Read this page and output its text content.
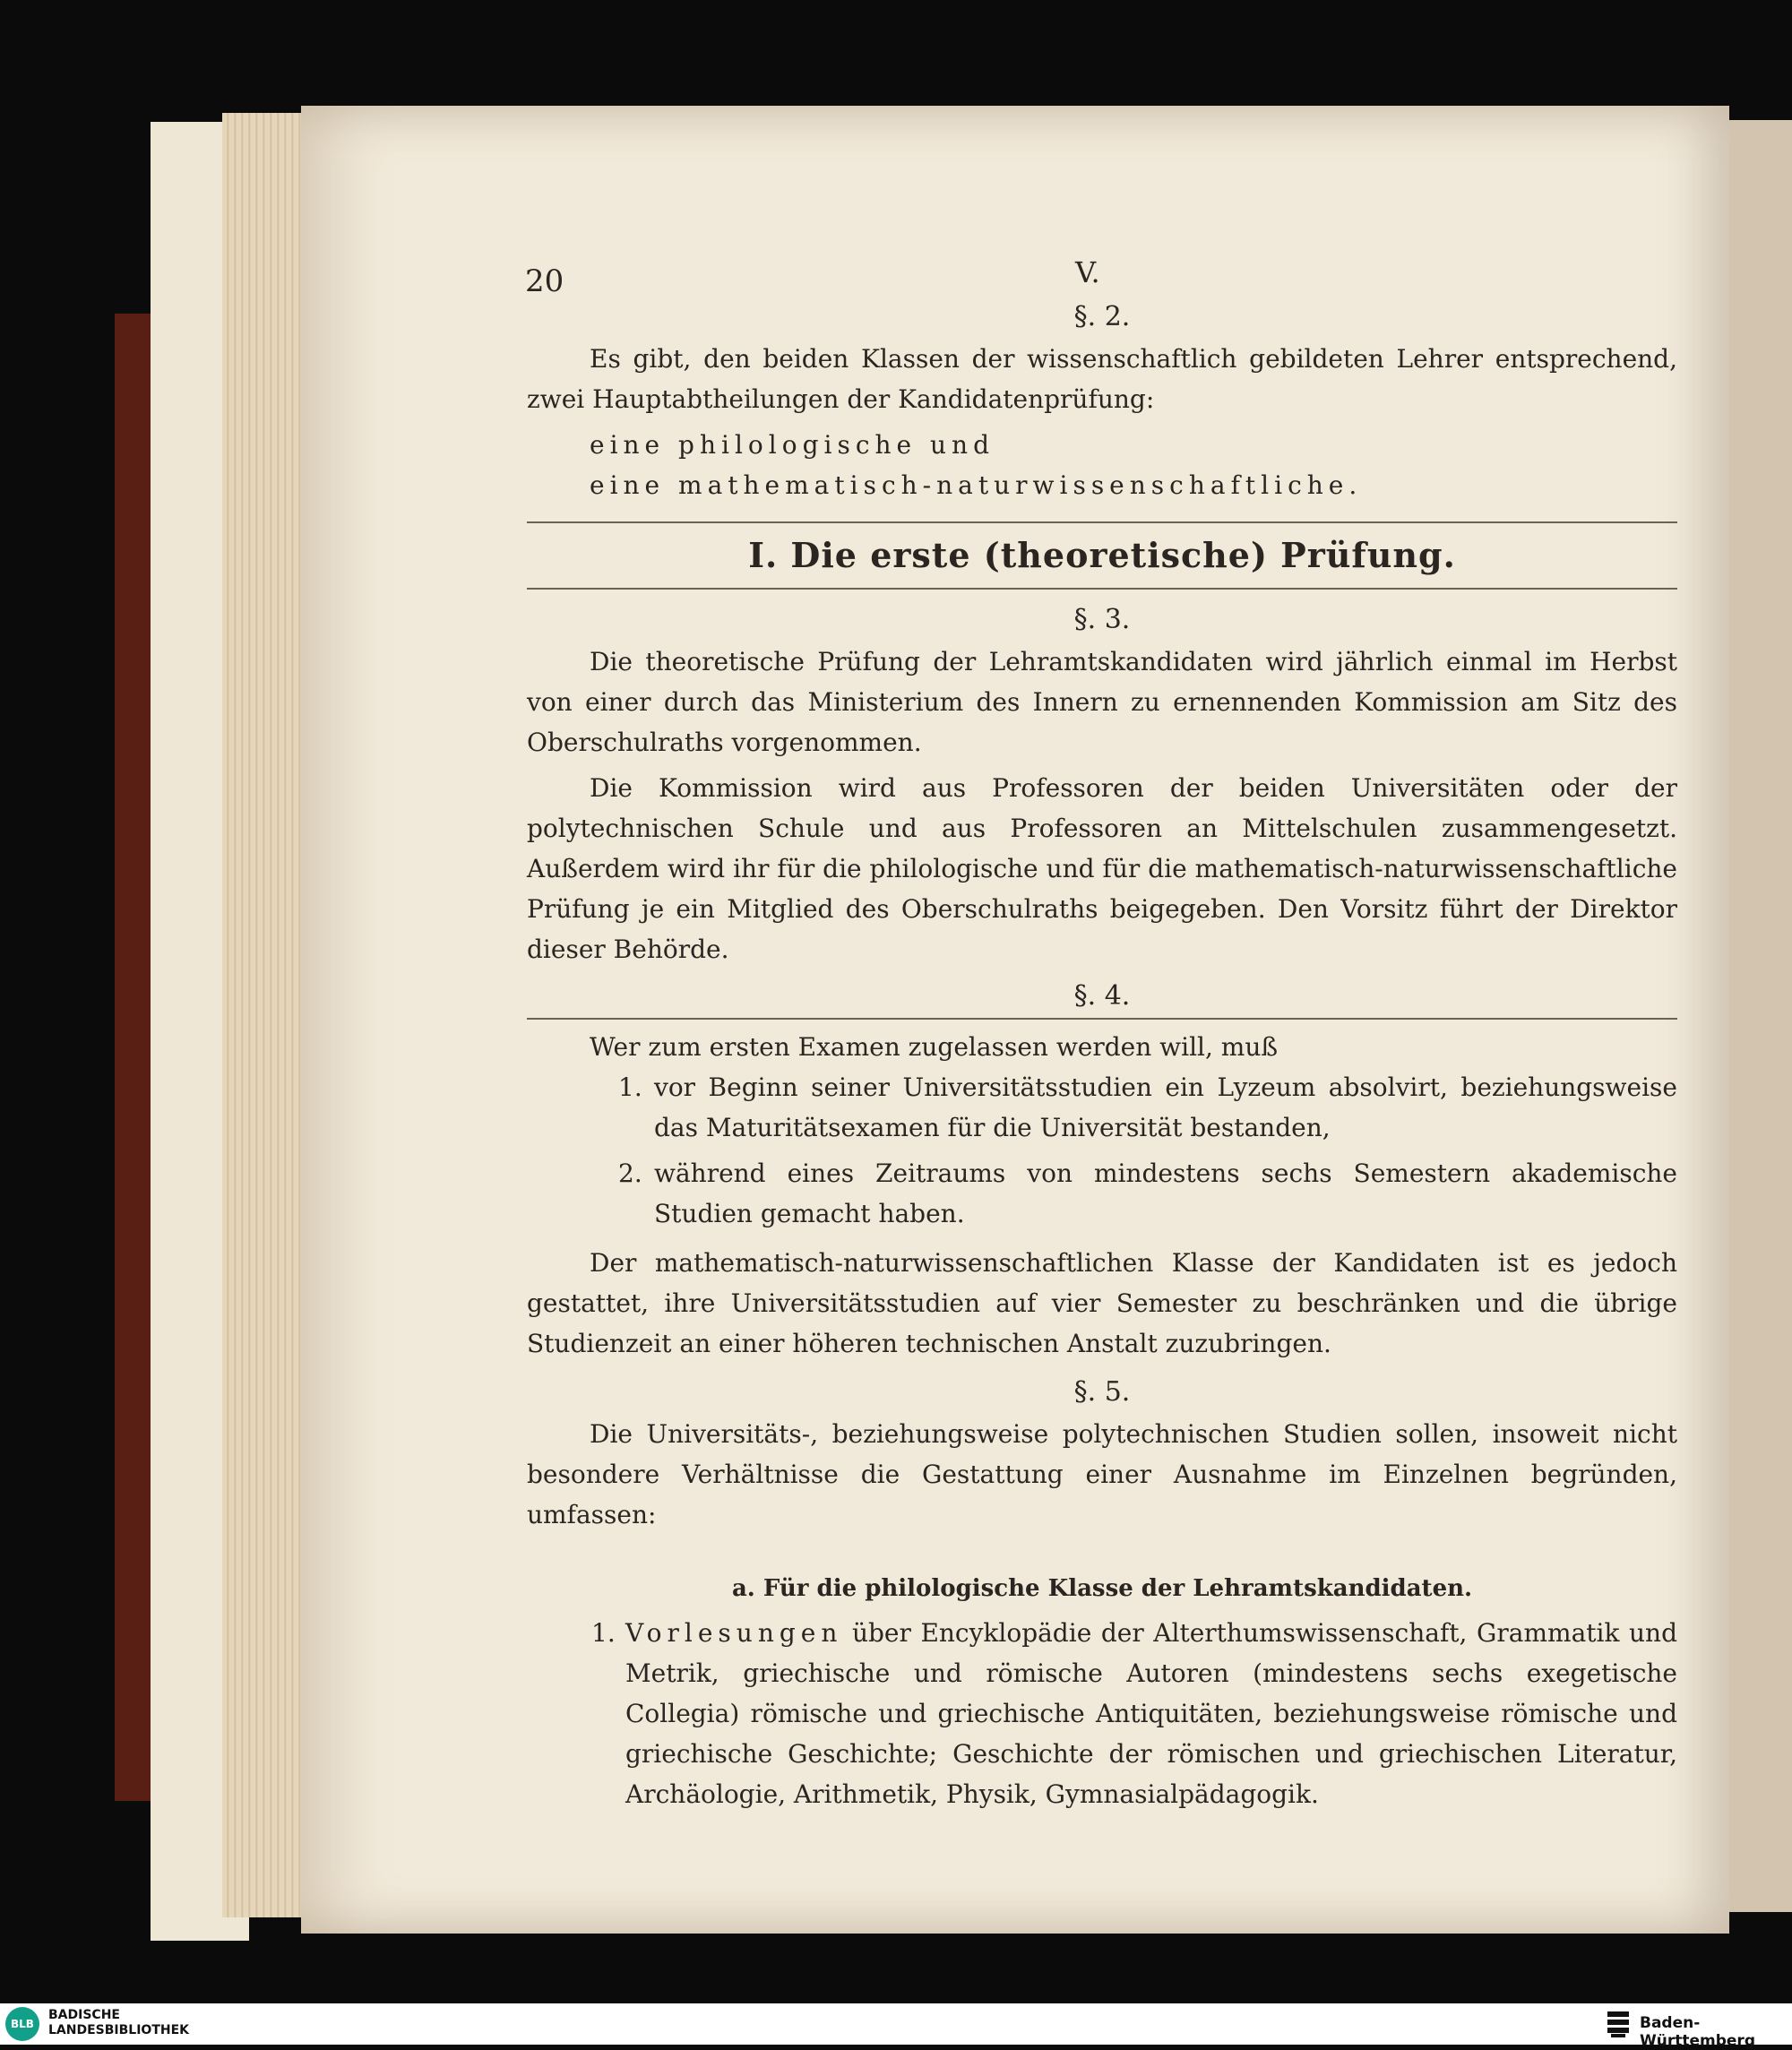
20	V.
§. 2.

Es gibt, den beiden Klassen der wissenschaftlich gebildeten Lehrer entsprechend, zwei Hauptabtheilungen der Kandidatenprüfung:

eine philologische und
eine mathematisch-naturwissenschaftliche.
I. Die erste (theoretische) Prüfung.
§. 3.

Die theoretische Prüfung der Lehramtskandidaten wird jährlich einmal im Herbst von einer durch das Ministerium des Innern zu ernennenden Kommission am Sitz des Oberschulraths vorgenommen.

Die Kommission wird aus Professoren der beiden Universitäten oder der polytechnischen Schule und aus Professoren an Mittelschulen zusammengesetzt. Außerdem wird ihr für die philologische und für die mathematisch-naturwissenschaftliche Prüfung je ein Mitglied des Oberschulraths beigegeben. Den Vorsitz führt der Direktor dieser Behörde.

§. 4.

Wer zum ersten Examen zugelassen werden will, muß

1. vor Beginn seiner Universitätsstudien ein Lyzeum absolvirt, beziehungsweise das Maturitätsexamen für die Universität bestanden,
2. während eines Zeitraums von mindestens sechs Semestern akademische Studien gemacht haben.

Der mathematisch-naturwissenschaftlichen Klasse der Kandidaten ist es jedoch gestattet, ihre Universitätsstudien auf vier Semester zu beschränken und die übrige Studienzeit an einer höheren technischen Anstalt zuzubringen.

§. 5.

Die Universitäts-, beziehungsweise polytechnischen Studien sollen, insoweit nicht besondere Verhältnisse die Gestattung einer Ausnahme im Einzelnen begründen, umfassen:

a. Für die philologische Klasse der Lehramtskandidaten.
1. Vorlesungen über Encyklopädie der Alterthumswissenschaft, Grammatik und Metrik, griechische und römische Autoren (mindestens sechs exegetische Collegia) römische und griechische Antiquitäten, beziehungsweise römische und griechische Geschichte; Geschichte der römischen und griechischen Literatur, Archäologie, Arithmetik, Physik, Gymnasialpädagogik.
BLB
BADISCHE
LANDESBIBLIOTHEK	Baden-Württemberg
